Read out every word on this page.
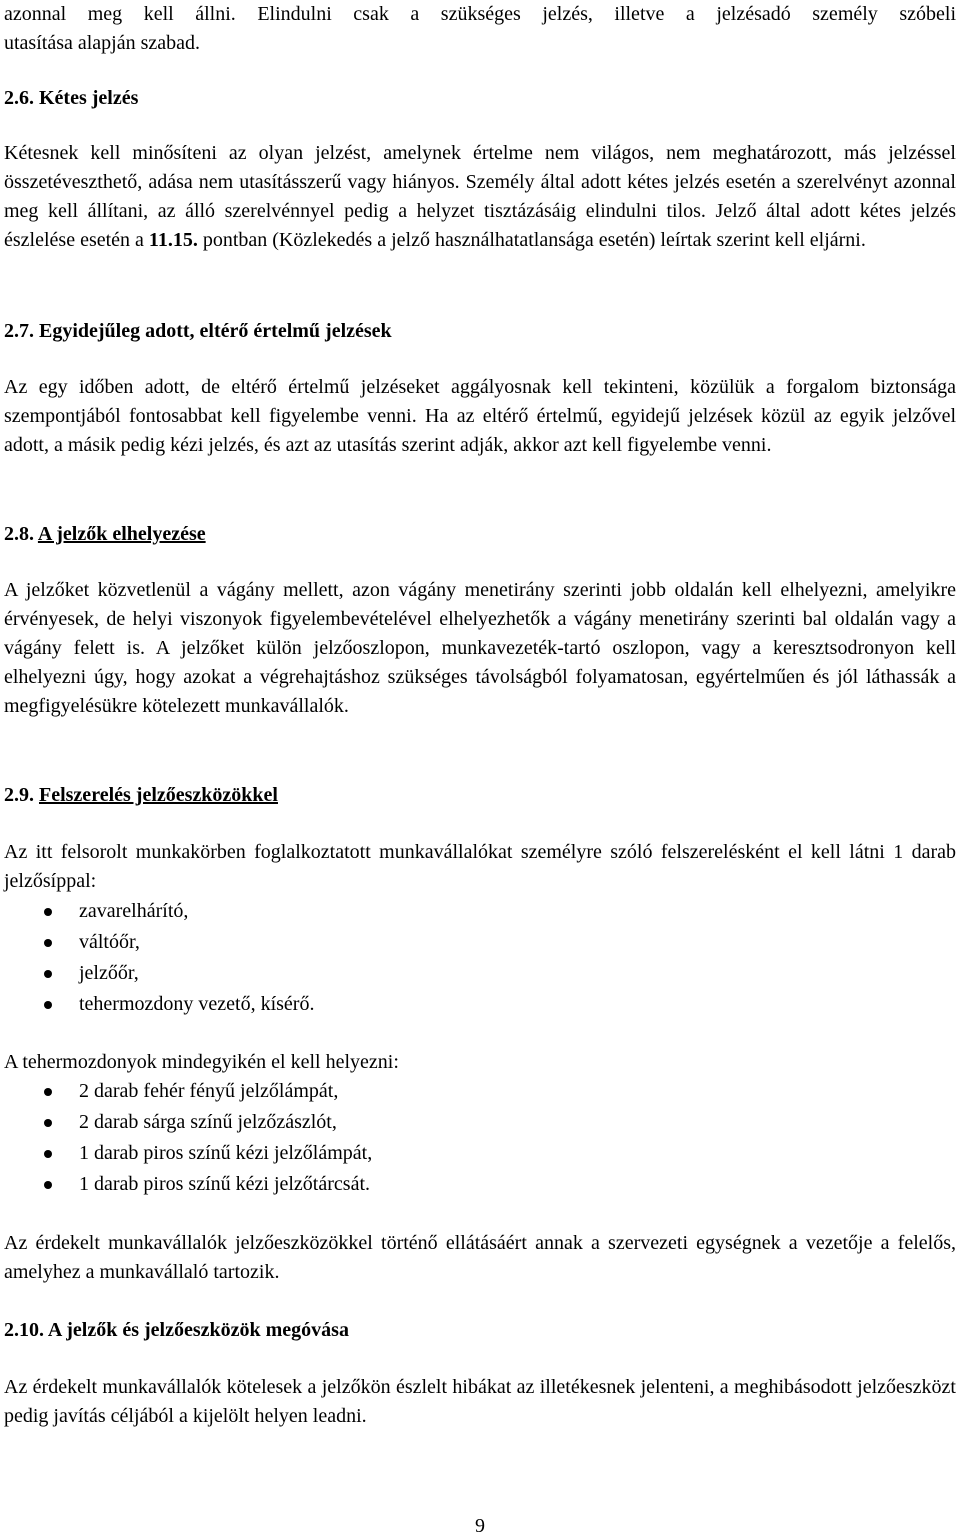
azonnal meg kell állni. Elindulni csak a szükséges jelzés, illetve a jelzésadó személy szóbeli
utasítása alapján szabad.
2.6. Kétes jelzés

Kétesnek kell minősíteni az olyan jelzést, amelynek értelme nem világos, nem meghatározott, más jelzéssel összetéveszthető, adása nem utasításszerű vagy hiányos. Személy által adott kétes jelzés esetén a szerelvényt azonnal meg kell állítani, az álló szerelvénnyel pedig a helyzet tisztázásáig elindulni tilos. Jelző által adott kétes jelzés észlelése esetén a 11.15. pontban (Közlekedés a jelző használhatatlansága esetén) leírtak szerint kell eljárni.

2.7. Egyidejűleg adott, eltérő értelmű jelzések

Az egy időben adott, de eltérő értelmű jelzéseket aggályosnak kell tekinteni, közülük a forgalom biztonsága szempontjából fontosabbat kell figyelembe venni. Ha az eltérő értelmű, egyidejű jelzések közül az egyik jelzővel adott, a másik pedig kézi jelzés, és azt az utasítás szerint adják, akkor azt kell figyelembe venni.

2.8. A jelzők elhelyezése

A jelzőket közvetlenül a vágány mellett, azon vágány menetirány szerinti jobb oldalán kell elhelyezni, amelyikre érvényesek, de helyi viszonyok figyelembevételével elhelyezhetők a vágány menetirány szerinti bal oldalán vagy a vágány felett is. A jelzőket külön jelzőoszlopon, munkavezeték-tartó oszlopon, vagy a keresztsodronyon kell elhelyezni úgy, hogy azokat a végrehajtáshoz szükséges távolságból folyamatosan, egyértelműen és jól láthassák a megfigyelésükre kötelezett munkavállalók.

2.9. Felszerelés jelzőeszközökkel

Az itt felsorolt munkakörben foglalkoztatott munkavállalókat személyre szóló felszerelésként el kell látni 1 darab jelzősíppal:

zavarelhárító,
váltóőr,
jelzőőr,
tehermozdony vezető, kísérő.

A tehermozdonyok mindegyikén el kell helyezni:

2 darab fehér fényű jelzőlámpát,
2 darab sárga színű jelzőzászlót,
1 darab piros színű kézi jelzőlámpát,
1 darab piros színű kézi jelzőtárcsát.

Az érdekelt munkavállalók jelzőeszközökkel történő ellátásáért annak a szervezeti egységnek a vezetője a felelős, amelyhez a munkavállaló tartozik.

2.10. A jelzők és jelzőeszközök megóvása

Az érdekelt munkavállalók kötelesek a jelzőkön észlelt hibákat az illetékesnek jelenteni, a meghibásodott jelzőeszközt pedig javítás céljából a kijelölt helyen leadni.

9
